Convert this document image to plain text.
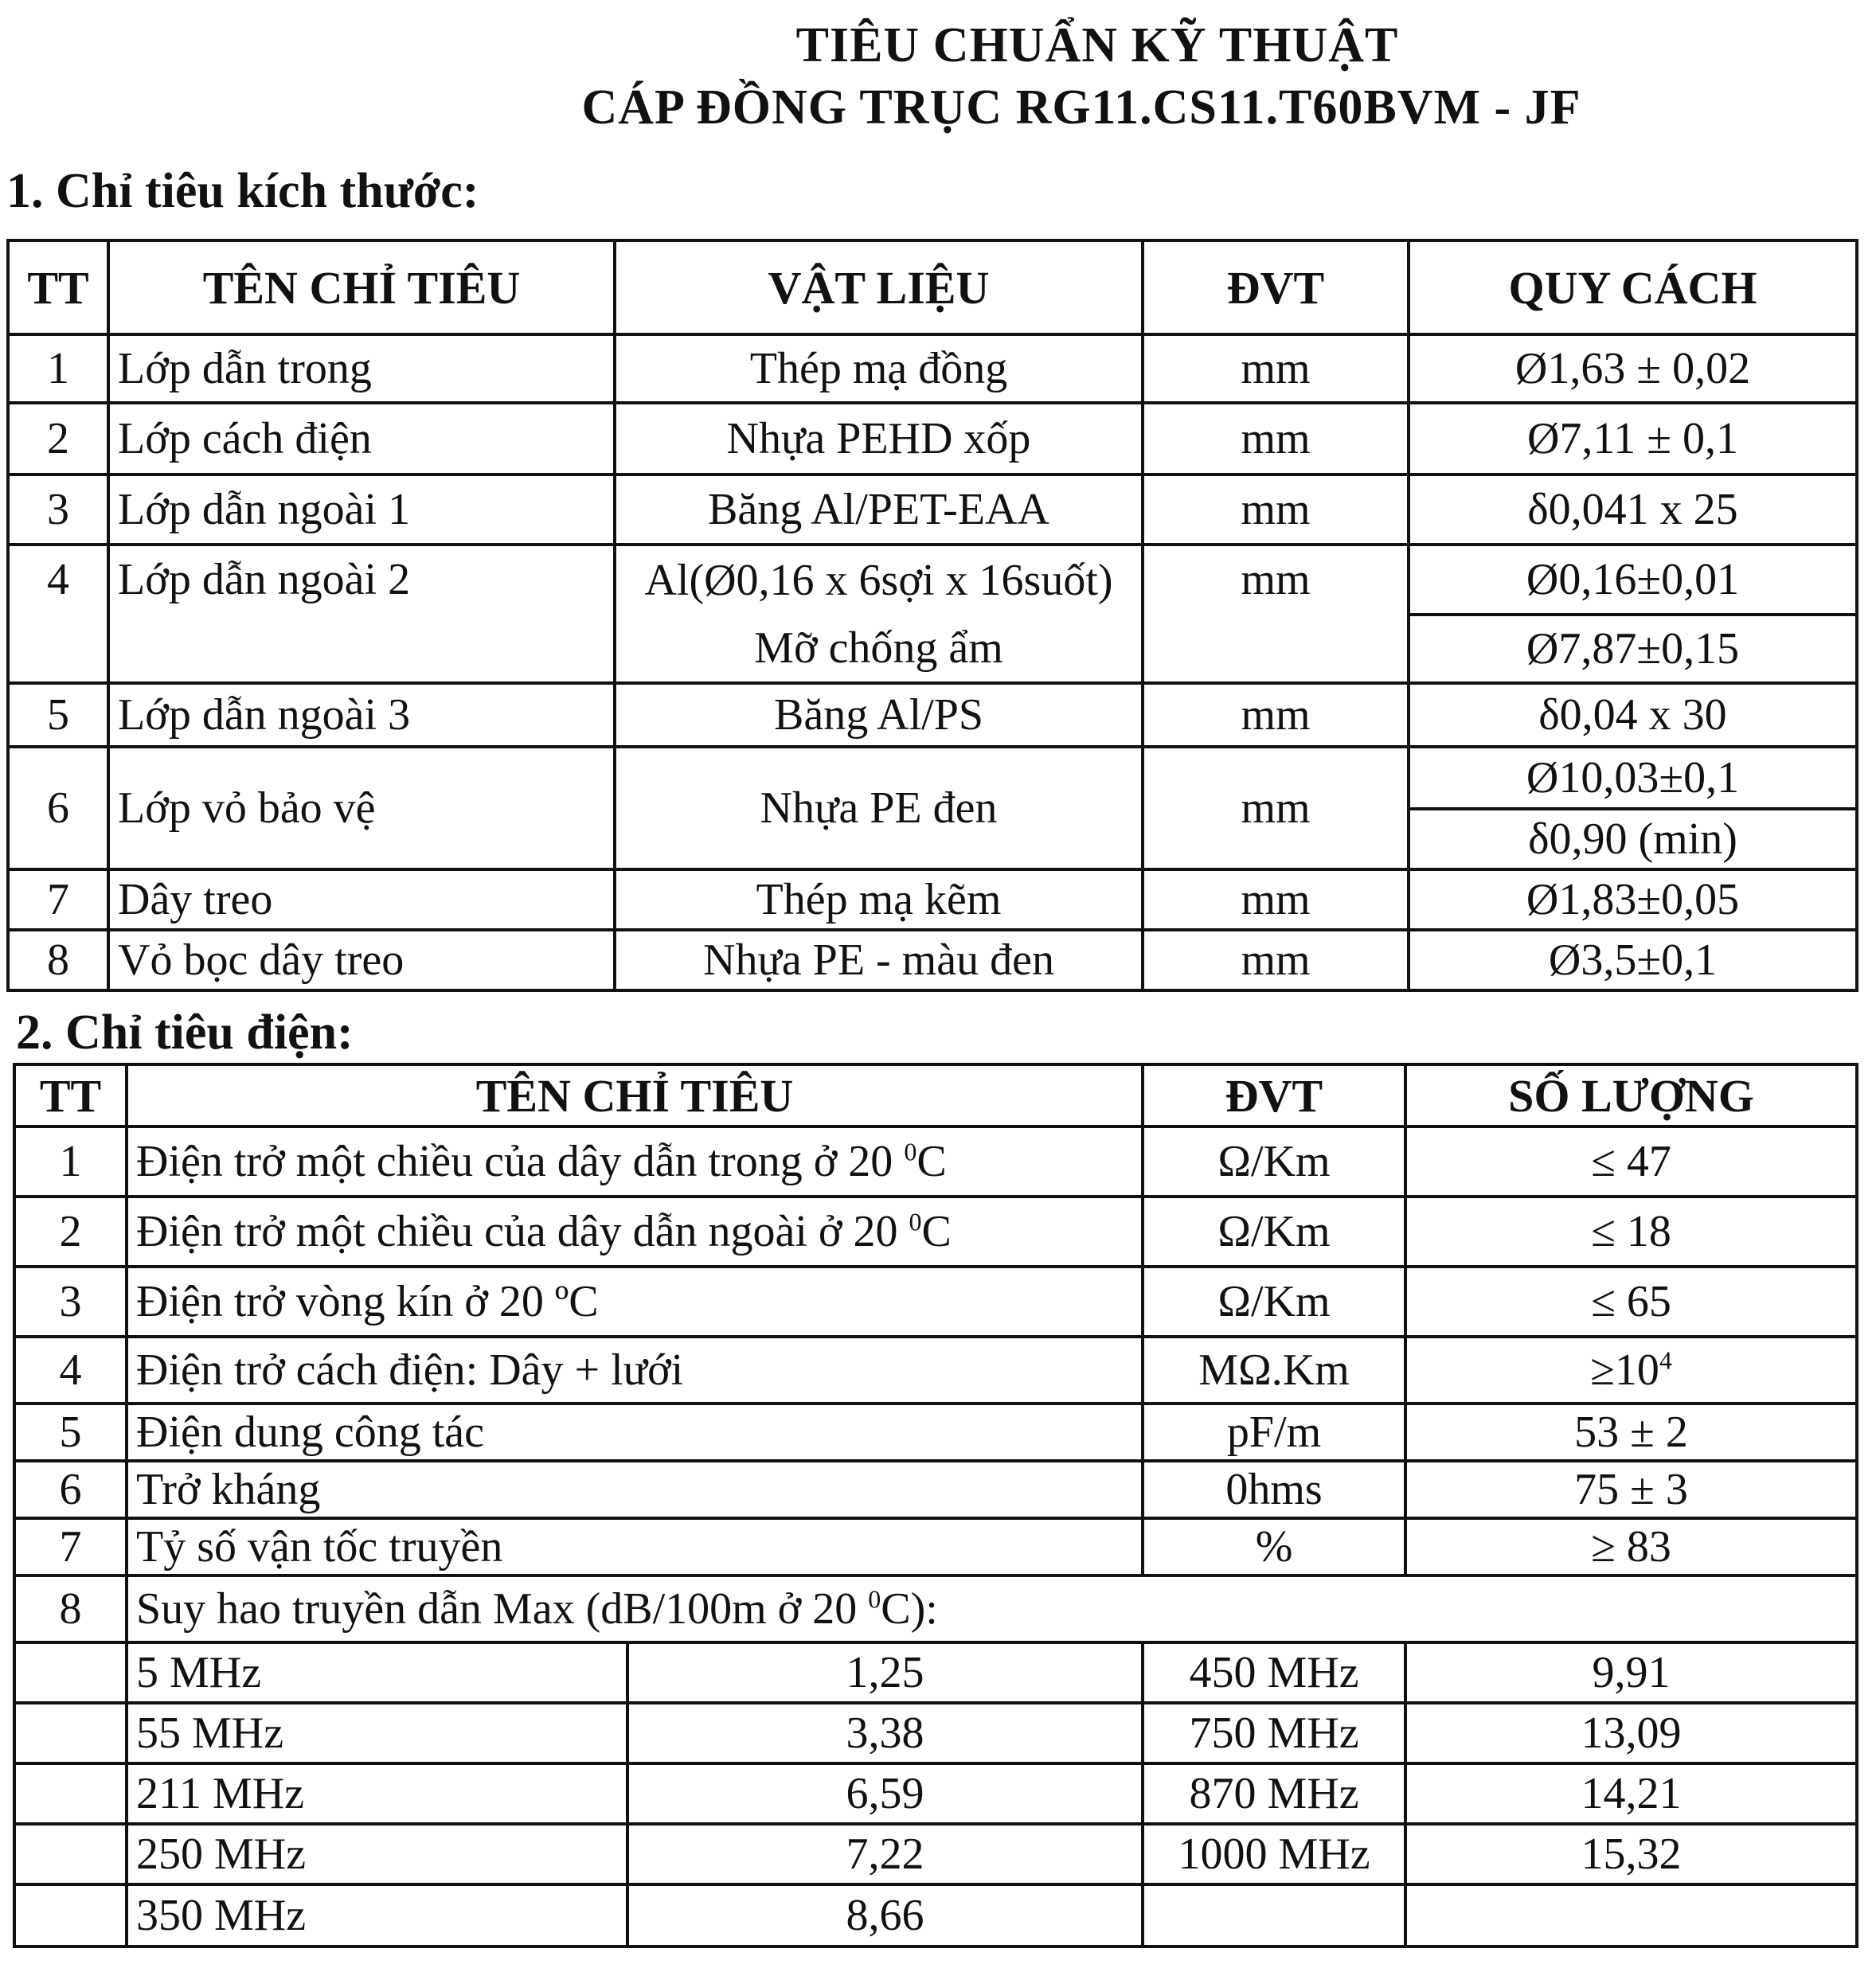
TIÊU CHUẨN KỸ THUẬT
CÁP ĐỒNG TRỤC RG11.CS11.T60BVM - JF
1. Chỉ tiêu kích thước:
TT	TÊN CHỈ TIÊU	VẬT LIỆU	ĐVT	QUY CÁCH
1	Lớp dẫn trong	Thép mạ đồng	mm	Ø1,63 ± 0,02
2	Lớp cách điện	Nhựa PEHD xốp	mm	Ø7,11 ± 0,1
3	Lớp dẫn ngoài 1	Băng Al/PET-EAA	mm	δ0,041 x 25
4	Lớp dẫn ngoài 2	Al(Ø0,16 x 6sợi x 16suốt)	mm	Ø0,16±0,01
		Mỡ chống ẩm		Ø7,87±0,15
5	Lớp dẫn ngoài 3	Băng Al/PS	mm	δ0,04 x 30
6	Lớp vỏ bảo vệ	Nhựa PE đen	mm	Ø10,03±0,1
				δ0,90 (min)
7	Dây treo	Thép mạ kẽm	mm	Ø1,83±0,05
8	Vỏ bọc dây treo	Nhựa PE - màu đen	mm	Ø3,5±0,1
2. Chỉ tiêu điện:
TT	TÊN CHỈ TIÊU		ĐVT	SỐ LƯỢNG
1	Điện trở một chiều của dây dẫn trong ở 20 $^0$C		Ω/Km	≤ 47
2	Điện trở một chiều của dây dẫn ngoài ở 20 $^0$C		Ω/Km	≤ 18
3	Điện trở vòng kín ở 20 ºC		Ω/Km	≤ 65
4	Điện trở cách điện: Dây + lưới		MΩ.Km	$\ge 10^4$
5	Điện dung công tác		pF/m	53 ± 2
6	Trở kháng		0hms	75 ± 3
7	Tỷ số vận tốc truyền		%	≥ 83
8	Suy hao truyền dẫn Max (dB/100m ở 20 $^0$C):			
	5 MHz	1,25	450 MHz	9,91
	55 MHz	3,38	750 MHz	13,09
	211 MHz	6,59	870 MHz	14,21
	250 MHz	7,22	1000 MHz	15,32
	350 MHz	8,66		
